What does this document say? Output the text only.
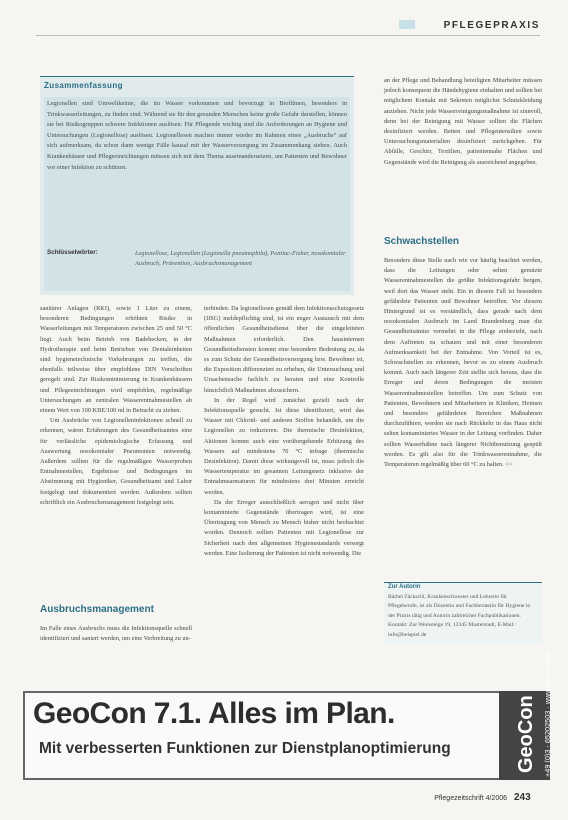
PFLEGEPRAXIS
Zusammenfassung

Legionellen sind Umweltkeime, die im Wasser vorkommen und bevorzugt in Biofilmen, besonders in Trinkwasserleitungen, zu finden sind. Während sie für den gesunden Menschen keine große Gefahr darstellen, können sie bei Risikogruppen schwere Infektionen auslösen. Für Pflegende wichtig sind die Anforderungen an Hygiene und Untersuchungen (Legionellose) auslösen. Legionellosen machen immer wieder im Rahmen eines „Ausbruchs“ auf sich aufmerksam, da schon dann wenige Fälle kausal mit der Wasserversorgung im Zusammenhang stehen. Auch Krankenhäuser und Pflegeeinrichtungen müssen sich mit dem Thema auseinandersetzen, um Patienten und Bewohner vor einer Infektion zu schützen.

Schlüsselwörter:	Legionellose, Legionellen (Legionella pneumophila), Pontiac-Fieber, nosokomialer Ausbruch, Prävention, Ausbruchsmanagement

sanitärer Anlagen (RKI), sowie 1 Liter zu einem, besonderen Bedingungen erhöhten Risiko in Wasserleitungen mit Temperaturen zwischen 25 und 50 °C liegt. Auch beim Betrieb von Badebecken, in der Hydrotherapie und beim Betrieben von Dentaleinheiten sind hygienetechnische Vorkehrungen zu treffen, die ebenfalls teilweise über empfohlene DIN Vorschriften geregelt sind. Zur Risikominimierung in Krankenhäusern und Pflegeeinrichtungen wird empfohlen, regelmäßige Untersuchungen an zentralen Wasserentnahmestellen ab einem Wert von 100 KBE/100 ml in Betracht zu ziehen.

Um Ausbrüche von Legionelleninfektionen schnell zu erkennen, wären Erfahrungen des Gesundheitsamtes eine für verlässliche epidemiologische Erfassung und Auswertung nosokomialer Pneumonien notwendig. Außerdem sollten für die regelmäßigen Wasserproben Entnahmestellen, Ergebnisse und Bedingungen im Abstimmung mit Hygieniker, Gesundheitsamt und Labor festgelegt und dokumentiert werden. Außerdem sollten schriftlich ein Ausbruchsmanagement festgelegt sein.

Ausbruchsmanagement

Im Falle eines Ausbruchs muss die Infektionsquelle schnell identifiziert und saniert werden, um eine Verbreitung zu un-

terbinden. Da legionellosen gemäß dem Infektionsschutzgesetz (IfSG) meldepflichtig sind, ist ein enger Austausch mit dem öffentlichen Gesundheitsdienst über die eingeleiteten Maßnahmen erforderlich. Den hausinternen Gesundheitsdiensten kommt eine besondere Bedeutung zu, da es zum Schutz der Gesundheitsversorgung bzw. Bewohner ist, die Exposition differenziert zu erheben, die Untersuchung und Ursachensuche fachlich zu beraten und eine Kontrolle hinsichtlich Maßnahmen abzusichern.

In der Regel wird zunächst gezielt nach der Infektionsquelle gesucht. Ist diese identifiziert, wird das Wasser mit Chlorid- und anderen Stoffen behandelt, um die Legionellen zu reduzieren. Die thermische Desinfektion, Aktionen kommt auch eine vorübergehende Erhitzung des Wassers auf mindestens 70 °C infrage (thermische Desinfektion). Damit diese wirkungsvoll ist, muss jedoch die Wassertemperatur im gesamten Leitungsnetz inklusive der Entnahmearmaturen für mindestens drei Minuten erreicht werden.

Da der Erreger ausschließlich aerogen und nicht über kontaminierte Gegenstände übertragen wird, ist eine Übertragung von Mensch zu Mensch bisher nicht beobachtet worden. Dennoch sollten Patienten mit Legionellose zur Sicherheit nach den allgemeinen Hygienestandards versorgt werden. Eine Isolierung der Patienten ist nicht notwendig. Die

an der Pflege und Behandlung beteiligten Mitarbeiter müssen jedoch konsequent die Händehygiene einhalten und sollten bei möglichem Kontakt mit Sekreten möglichst Schutzkleidung anziehen. Nicht jede Wasserreinigungsmaßnahme ist sinnvoll, denn bei der Reinigung mit Wasser sollten die Flächen desinfiziert werden. Betten und Pflegeutensilien sowie Untersuchungsmaterialien desinfiziert zurückgeben. Für Abfälle, Geschirr, Textilien, patientennahe Flächen und Gegenstände wird die Reinigung als ausreichend angegeben.

Schwachstellen

Besonders diese Stelle nach wie vor häufig beachtet werden, dass die Leitungen oder selten genutzte Wasserentnahmestellen die größte Infektionsgefahr bergen, weil dort das Wasser steht. Ein in diesem Fall ist besonders gefährdete Patienten und Bewohner betroffen. Vor diesem Hintergrund ist es verständlich, dass gerade nach dem nosokomialen Ausbruch im Land Brandenburg man die Gesundheitsämter vermehrt in die Pflege einbezieht, nach dem Auftreten zu schauen und mit einer besonderen Aufmerksamkeit bei der Entnahme. Von Vorteil ist es, Schwachstellen zu erkennen, bevor es zu einem Ausbruch kommt. Auch nach längerer Zeit stellte sich heraus, dass die Erreger und deren Bedingungen die meisten Wasserentnahmestellen betreffen. Um zum Schutz von Patienten, Bewohnern und Mitarbeitern in Kliniken, Heimen und besonders gefährdeten Bereichen Maßnahmen durchzuführen, werden sie nach Rückkehr in das Haus nicht selten kontaminiertes Wasser in der Leitung vorfinden. Daher sollten Wasserhähne nach längerer Nichtbenutzung gespült werden. Es gilt also für die Trinkwasserentnahme, die Temperaturen regelmäßig über 60 °C zu halten. <<

Zur Autorin

Bärbel Zäckschl, Krankenschwester und Lehrerin für Pflegeberufe, ist als Dozentin und Fachberaterin für Hygiene in der Praxis tätig und Autorin zahlreicher Fachpublikationen. Kontakt: Zur Weinsteige 19, 12345 Musterstadt, E-Mail: info@beispiel.de

GeoCon 7.1. Alles im Plan.
Mit verbesserten Funktionen zur Dienstplanoptimierung	GeoCon +49 (0)3 - 65202503 · www.geocon.de
Pflegezeitschrift 4/2006 243
